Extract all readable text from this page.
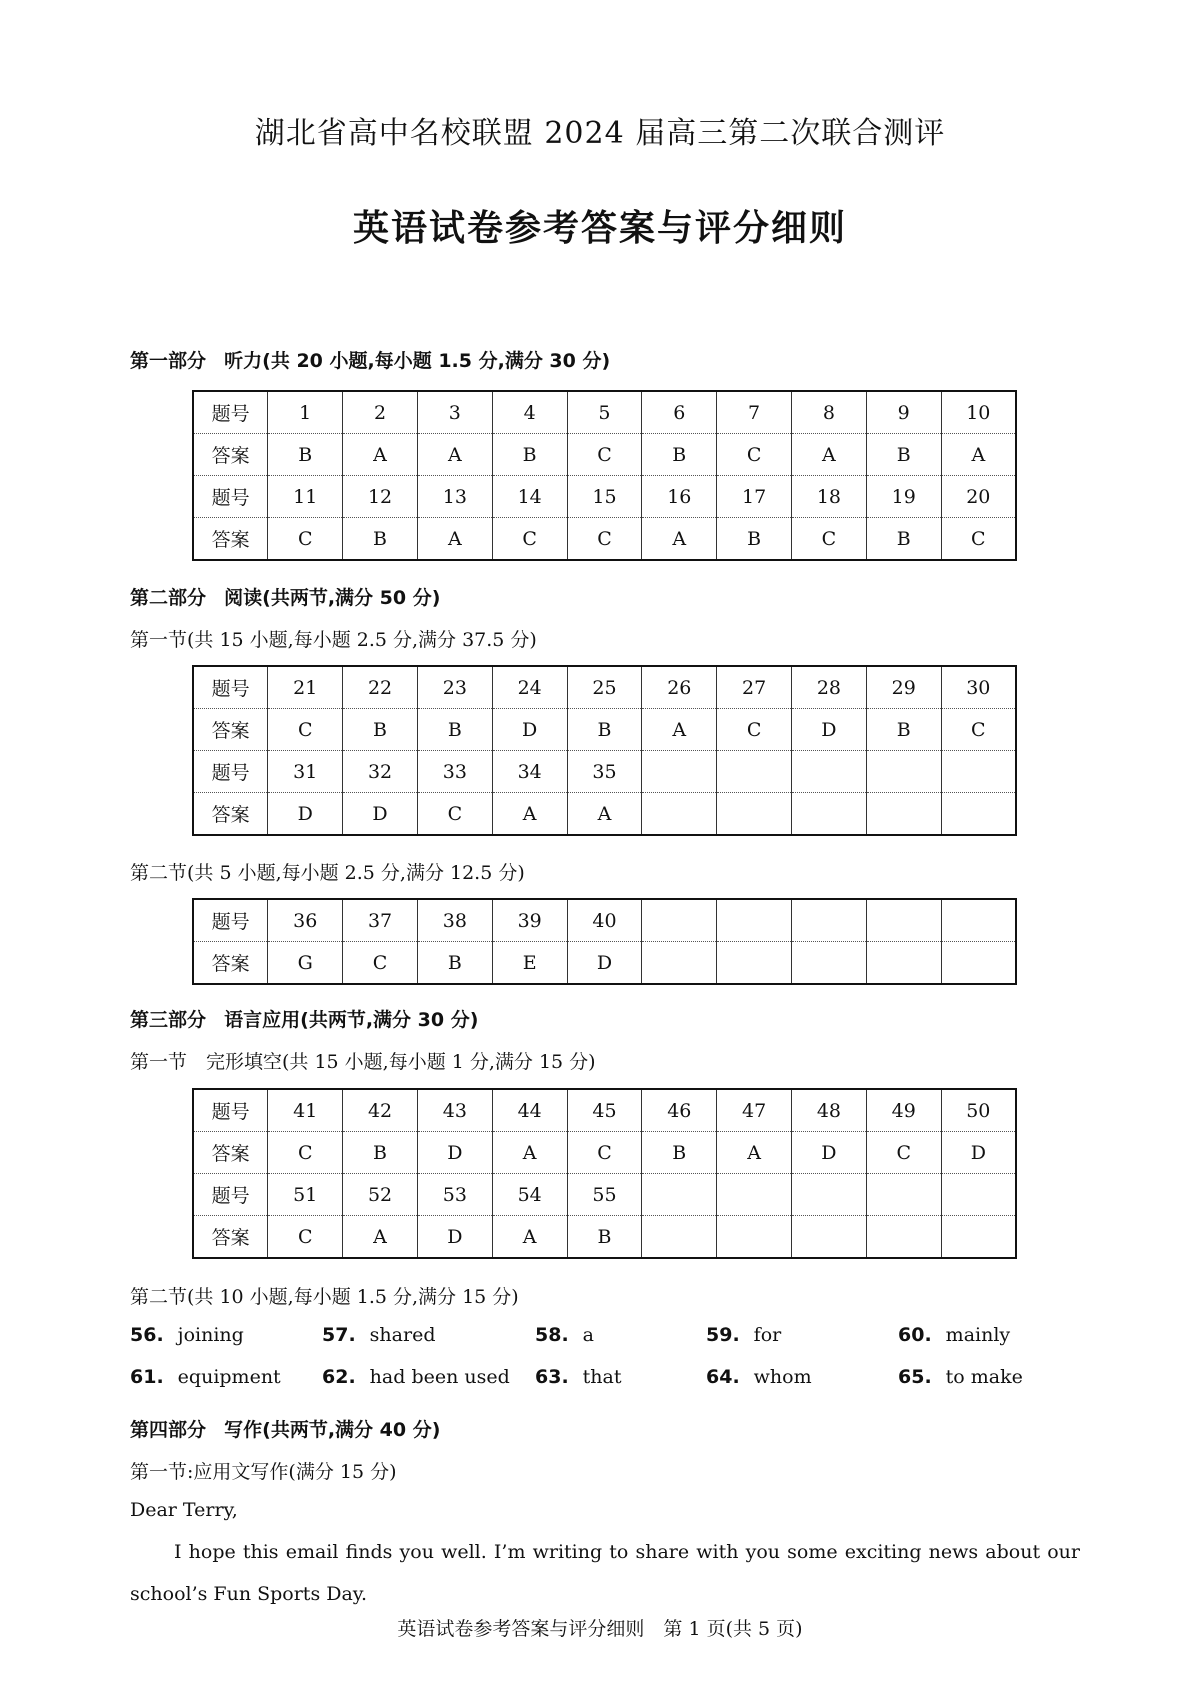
湖北省高中名校联盟 2024 届高三第二次联合测评
英语试卷参考答案与评分细则
第一部分 听力(共 20 小题,每小题 1.5 分,满分 30 分)
题号	1	2	3	4	5	6	7	8	9	10
答案	B	A	A	B	C	B	C	A	B	A
题号	11	12	13	14	15	16	17	18	19	20
答案	C	B	A	C	C	A	B	C	B	C
第二部分 阅读(共两节,满分 50 分)
第一节(共 15 小题,每小题 2.5 分,满分 37.5 分)
题号	21	22	23	24	25	26	27	28	29	30
答案	C	B	B	D	B	A	C	D	B	C
题号	31	32	33	34	35					
答案	D	D	C	A	A					
第二节(共 5 小题,每小题 2.5 分,满分 12.5 分)
题号	36	37	38	39	40					
答案	G	C	B	E	D					
第三部分 语言应用(共两节,满分 30 分)
第一节　完形填空(共 15 小题,每小题 1 分,满分 15 分)
题号	41	42	43	44	45	46	47	48	49	50
答案	C	B	D	A	C	B	A	D	C	D
题号	51	52	53	54	55					
答案	C	A	D	A	B					
第二节(共 10 小题,每小题 1.5 分,满分 15 分)
56. joining	57. shared	58. a	59. for	60. mainly
61. equipment 62. had been used 63. that	64. whom	65. to make
第四部分 写作(共两节,满分 40 分)
第一节:应用文写作(满分 15 分)
Dear Terry,
I hope this email finds you well. I’m writing to share with you some exciting news about our school’s Fun Sports Day.
英语试卷参考答案与评分细则　第 1 页(共 5 页)
